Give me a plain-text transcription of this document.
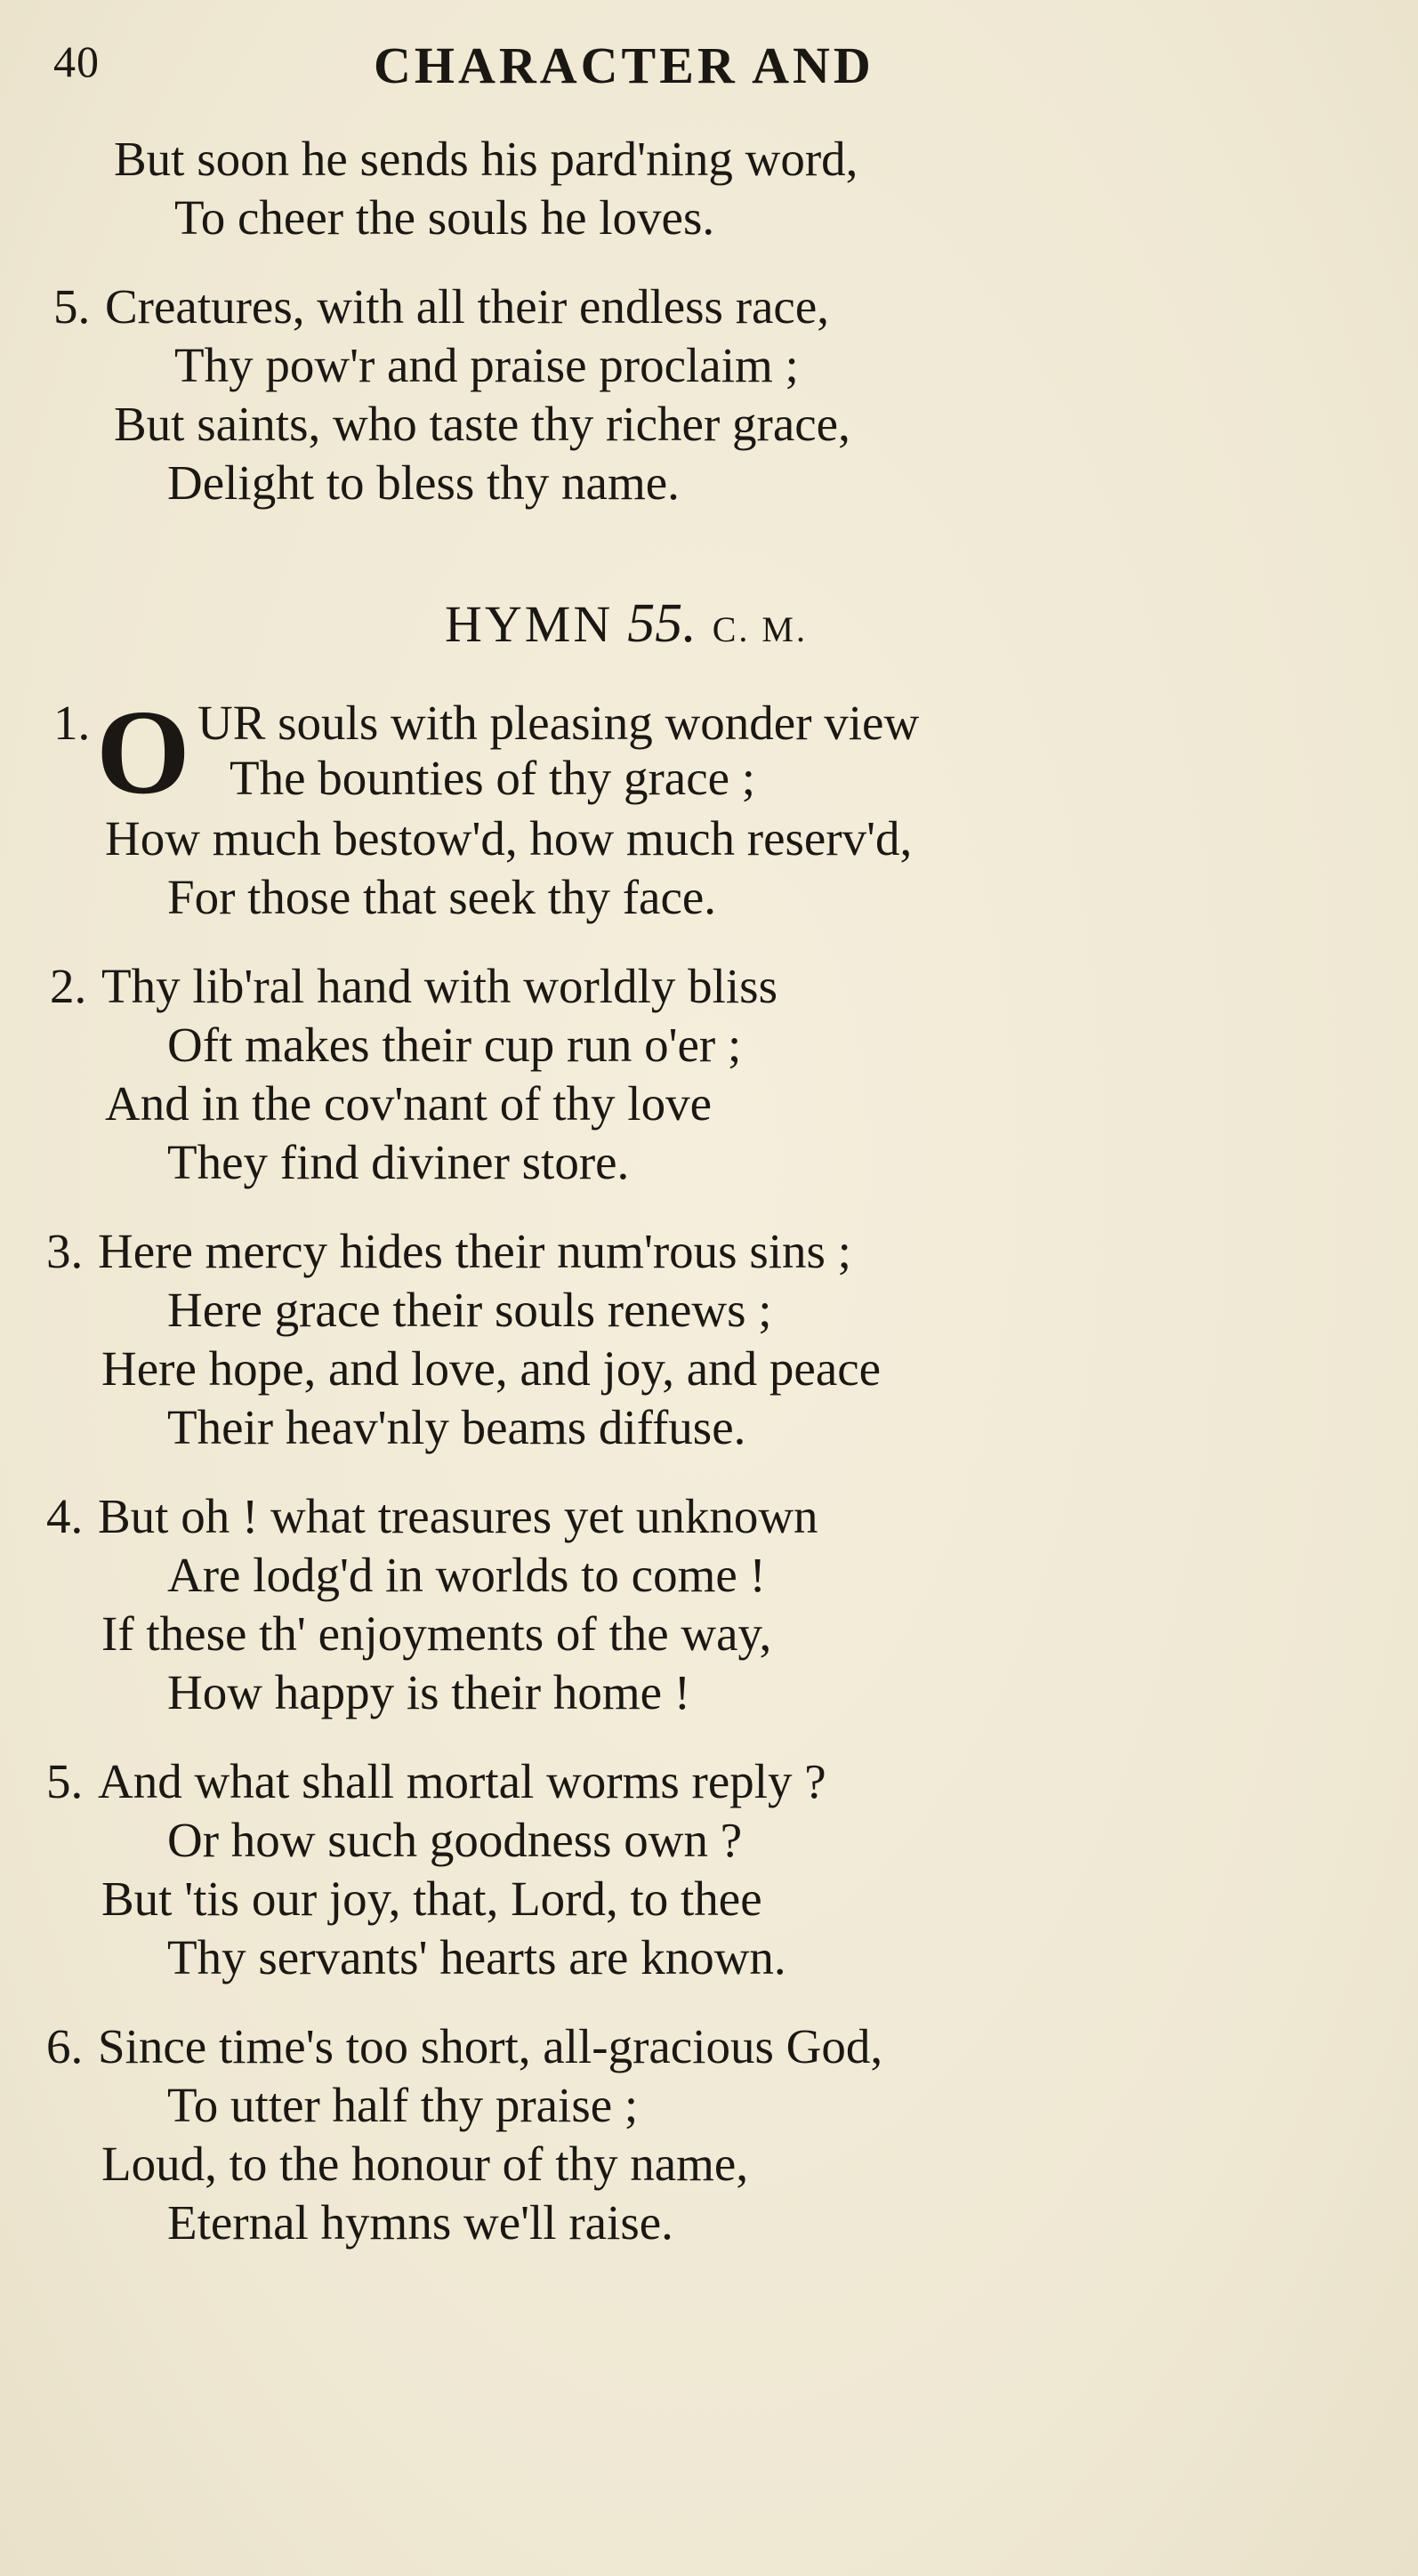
40	CHARACTER AND
But soon he sends his pard'ning word,
To cheer the souls he loves.
5. Creatures, with all their endless race,
Thy pow'r and praise proclaim ;
But saints, who taste thy richer grace,
Delight to bless thy name.
HYMN 55. C. M.
1. O UR souls with pleasing wonder view
The bounties of thy grace ;
How much bestow'd, how much reserv'd,
For those that seek thy face.
2. Thy lib'ral hand with worldly bliss
Oft makes their cup run o'er ;
And in the cov'nant of thy love
They find diviner store.
3. Here mercy hides their num'rous sins ;
Here grace their souls renews ;
Here hope, and love, and joy, and peace
Their heav'nly beams diffuse.
4. But oh ! what treasures yet unknown
Are lodg'd in worlds to come !
If these th' enjoyments of the way,
How happy is their home !
5. And what shall mortal worms reply ?
Or how such goodness own ?
But 'tis our joy, that, Lord, to thee
Thy servants' hearts are known.
6. Since time's too short, all-gracious God,
To utter half thy praise ;
Loud, to the honour of thy name,
Eternal hymns we'll raise.
